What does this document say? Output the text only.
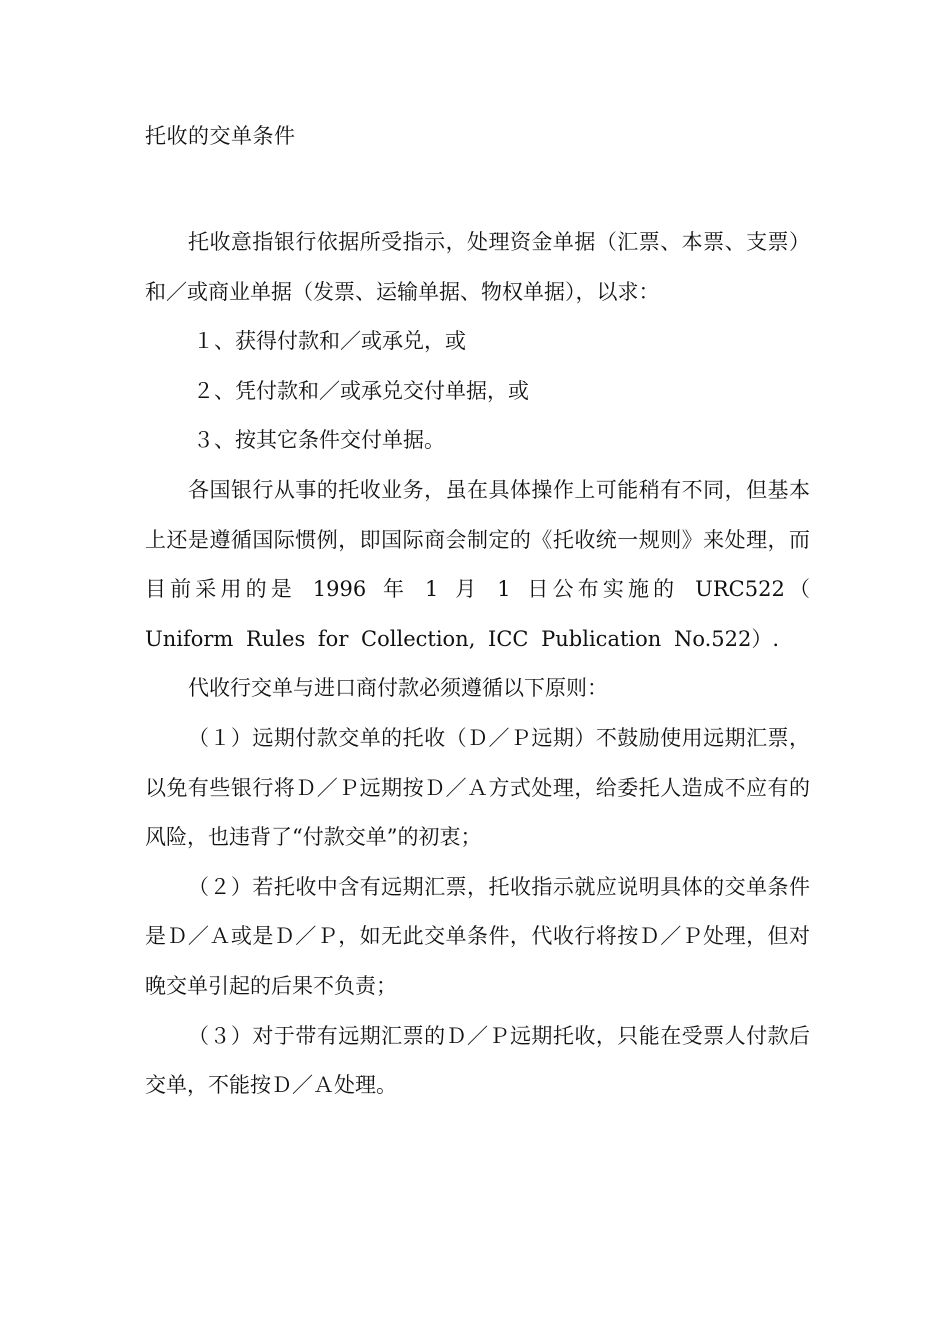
托收的交单条件

托收意指银行依据所受指示，处理资金单据（汇票、本票、支票）和／或商业单据（发票、运输单据、物权单据），以求：

１、获得付款和／或承兑，或

２、凭付款和／或承兑交付单据，或

３、按其它条件交付单据。

各国银行从事的托收业务，虽在具体操作上可能稍有不同，但基本上还是遵循国际惯例，即国际商会制定的《托收统一规则》来处理，而目前采用的是 1996 年 1 月 1 日公布实施的 URC522（ Uniform Rules for Collection, ICC Publication No.522）.

代收行交单与进口商付款必须遵循以下原则：

（１）远期付款交单的托收（Ｄ／Ｐ远期）不鼓励使用远期汇票，以免有些银行将Ｄ／Ｐ远期按Ｄ／Ａ方式处理，给委托人造成不应有的风险，也违背了“付款交单”的初衷；

（２）若托收中含有远期汇票，托收指示就应说明具体的交单条件是Ｄ／Ａ或是Ｄ／Ｐ，如无此交单条件，代收行将按Ｄ／Ｐ处理，但对晚交单引起的后果不负责；

（３）对于带有远期汇票的Ｄ／Ｐ远期托收，只能在受票人付款后交单，不能按Ｄ／Ａ处理。
